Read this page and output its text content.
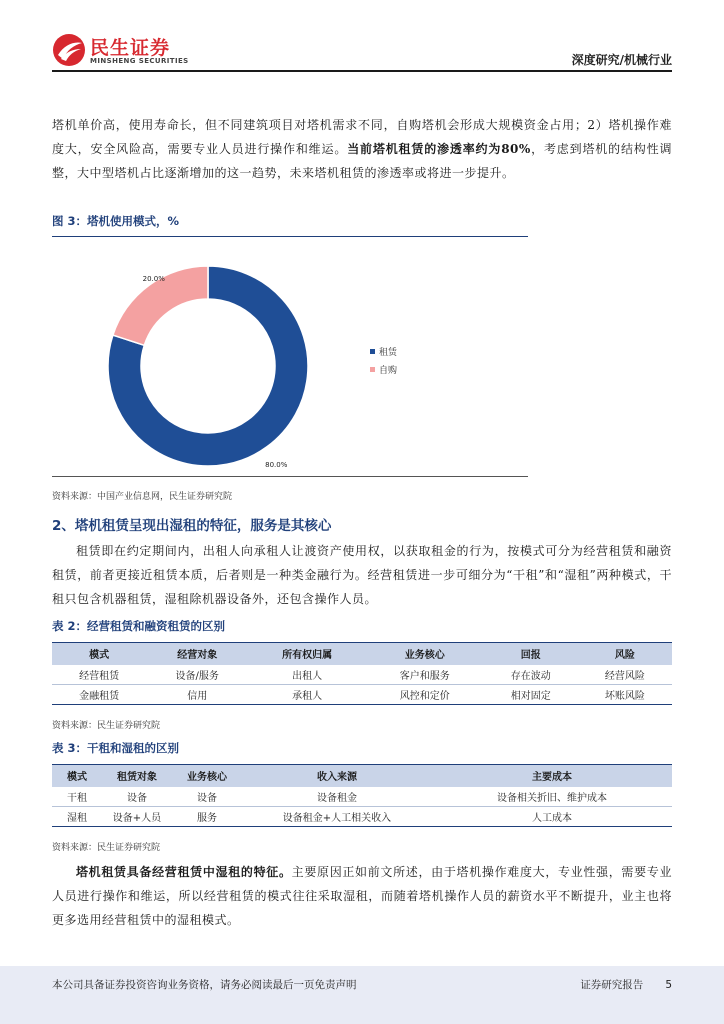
民生证券
MINSHENG SECURITIES	深度研究/机械行业
塔机单价高，使用寿命长，但不同建筑项目对塔机需求不同，自购塔机会形成大规模资金占用；2）塔机操作难度大，安全风险高，需要专业人员进行操作和维运。当前塔机租赁的渗透率约为80%，考虑到塔机的结构性调整，大中型塔机占比逐渐增加的这一趋势，未来塔机租赁的渗透率或将进一步提升。
图 3：塔机使用模式，%
80.0%
20.0%
租赁
自购
资料来源：中国产业信息网，民生证券研究院
2、塔机租赁呈现出湿租的特征，服务是其核心
租赁即在约定期间内，出租人向承租人让渡资产使用权，以获取租金的行为，按模式可分为经营租赁和融资租赁，前者更接近租赁本质，后者则是一种类金融行为。经营租赁进一步可细分为“干租”和“湿租”两种模式，干租只包含机器租赁，湿租除机器设备外，还包含操作人员。
表 2：经营租赁和融资租赁的区别
模式	经营对象	所有权归属	业务核心	回报	风险
经营租赁	设备/服务	出租人	客户和服务	存在波动	经营风险
金融租赁	信用	承租人	风控和定价	相对固定	坏账风险
资料来源：民生证券研究院
表 3：干租和湿租的区别
模式	租赁对象	业务核心	收入来源	主要成本
干租	设备	设备	设备租金	设备相关折旧、维护成本
湿租	设备+人员	服务	设备租金+人工相关收入	人工成本
资料来源：民生证券研究院
塔机租赁具备经营租赁中湿租的特征。主要原因正如前文所述，由于塔机操作难度大，专业性强，需要专业人员进行操作和维运，所以经营租赁的模式往往采取湿租，而随着塔机操作人员的薪资水平不断提升，业主也将更多选用经营租赁中的湿租模式。
本公司具备证券投资咨询业务资格，请务必阅读最后一页免责声明	证券研究报告 5
